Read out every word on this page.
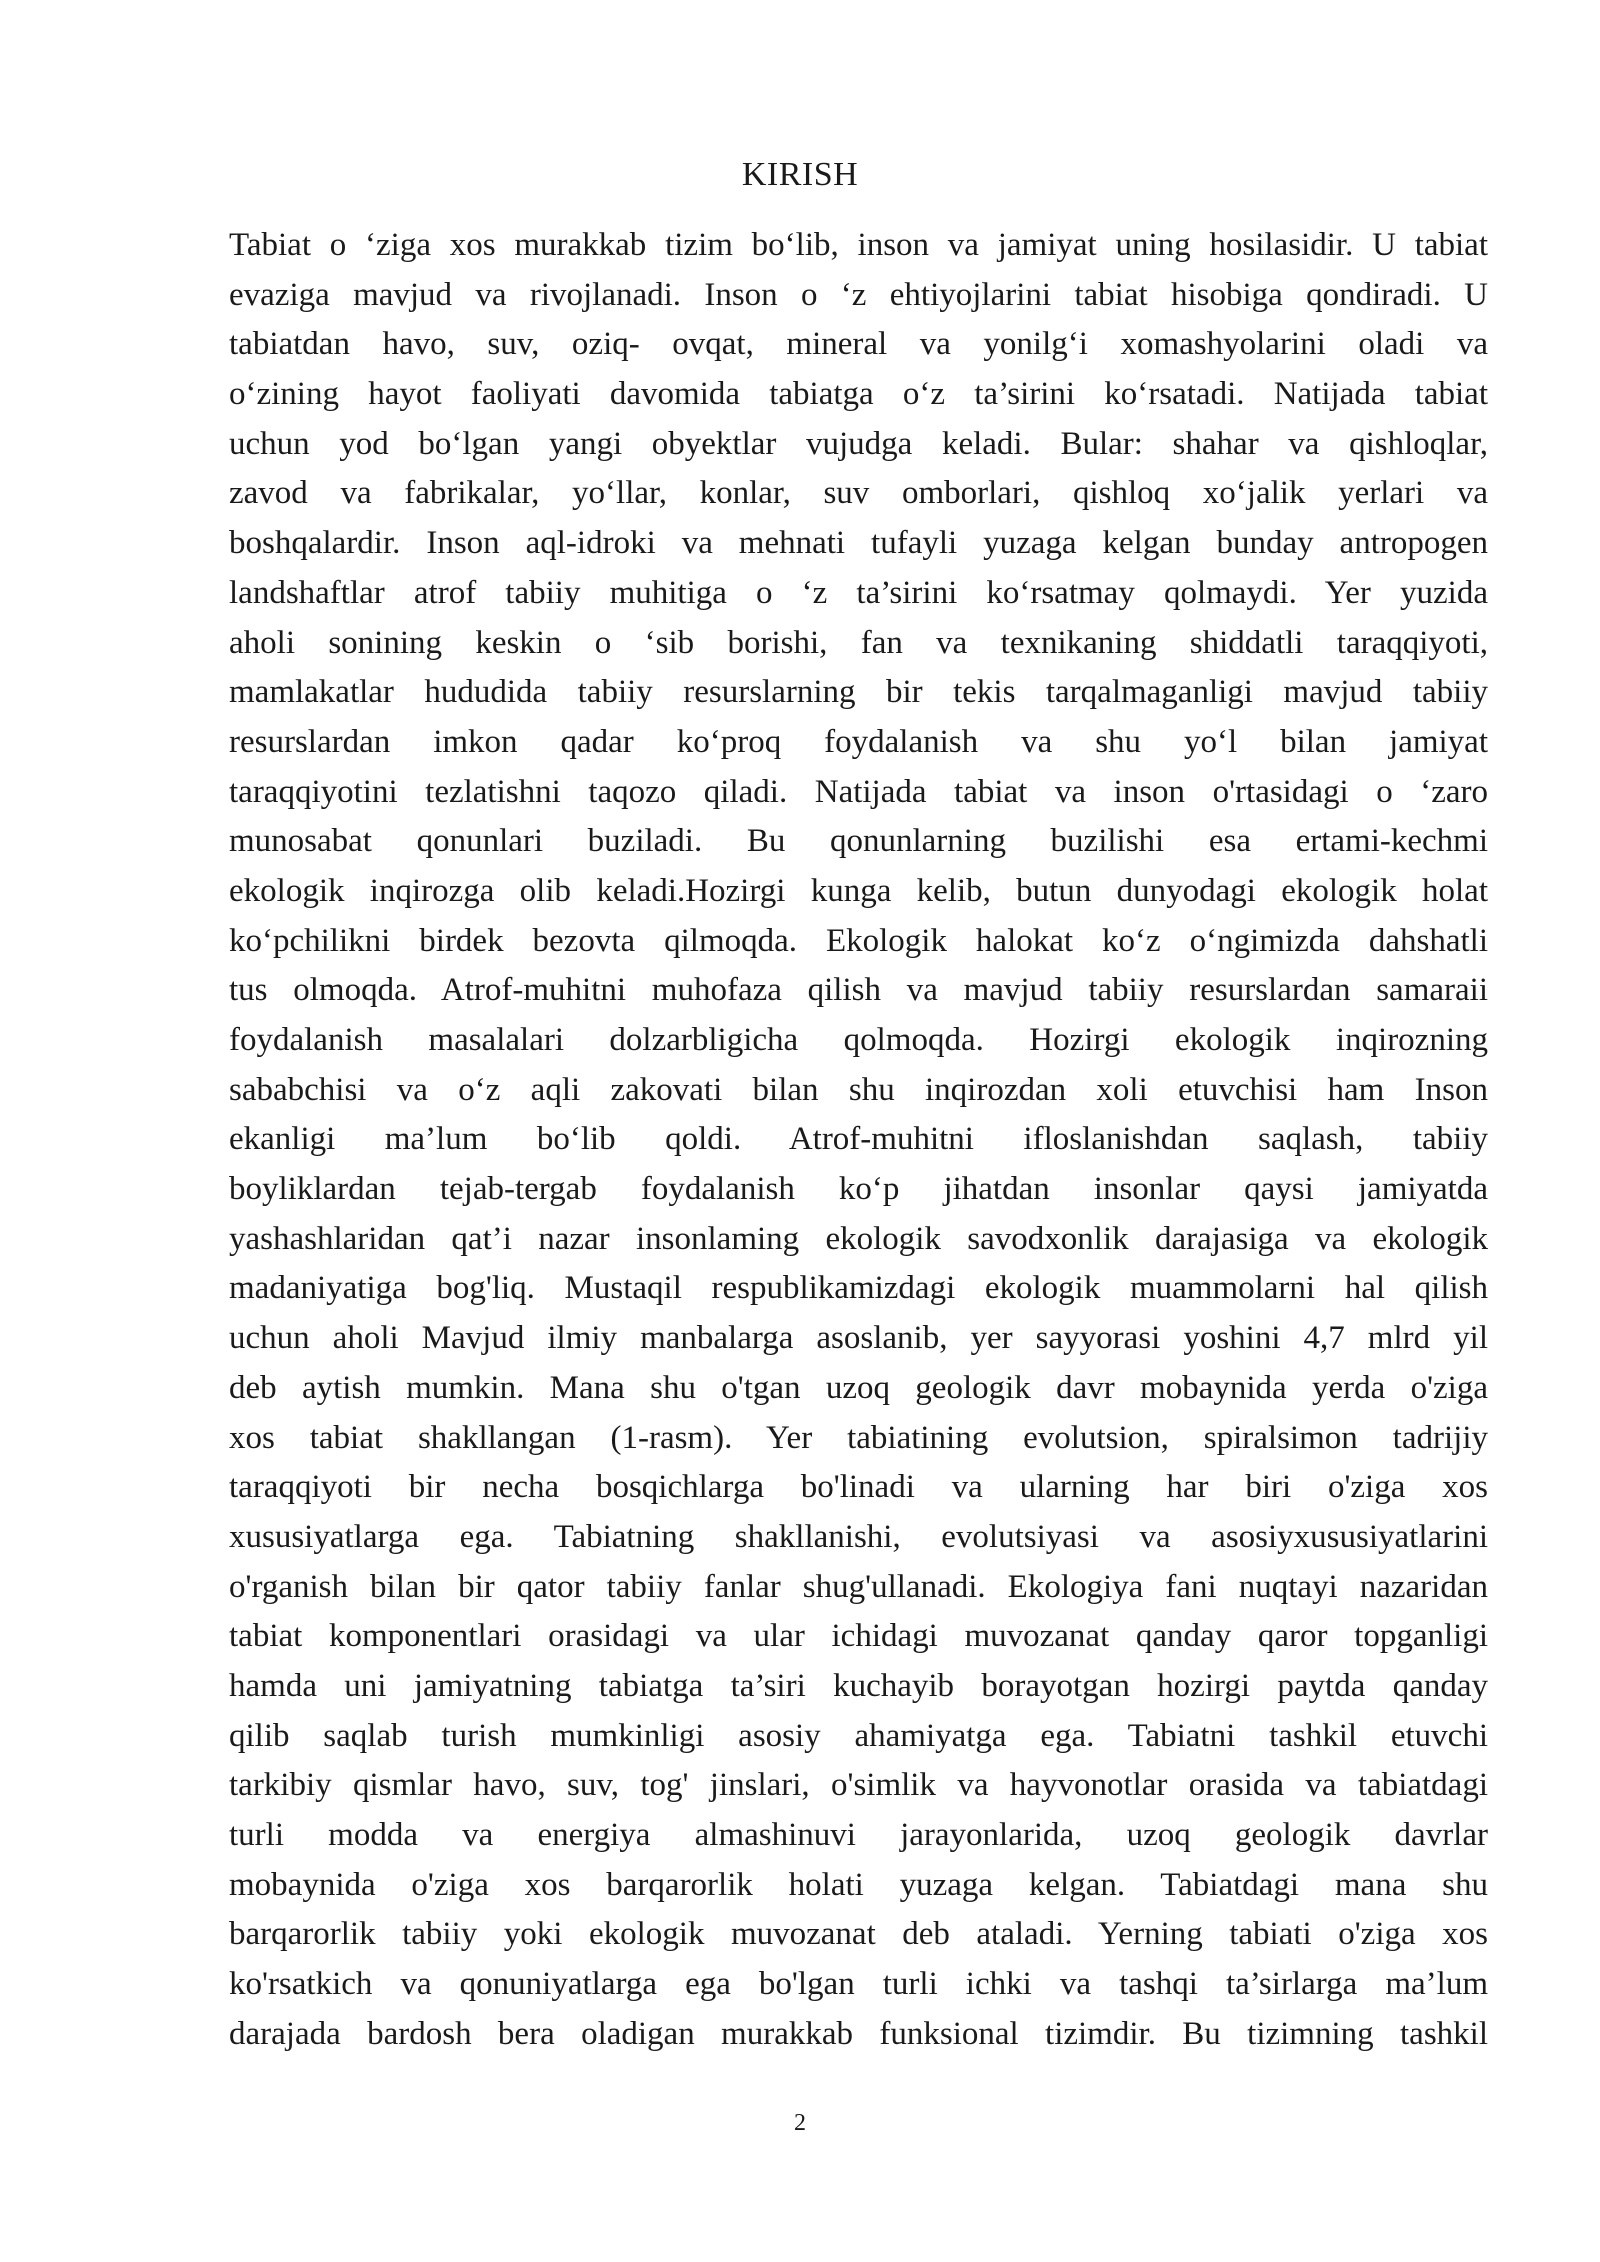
KIRISH
Tabiat o ‘ziga xos murakkab tizim bo‘lib, inson va jamiyat uning hosilasidir. U tabiat
evaziga mavjud va rivojlanadi. Inson o ‘z ehtiyojlarini tabiat hisobiga qondiradi. U
tabiatdan havo, suv, oziq- ovqat, mineral va yonilg‘i xomashyolarini oladi va
o‘zining hayot faoliyati davomida tabiatga o‘z ta’sirini ko‘rsatadi. Natijada tabiat
uchun yod bo‘lgan yangi obyektlar vujudga keladi. Bular: shahar va qishloqlar,
zavod va fabrikalar, yo‘llar, konlar, suv omborlari, qishloq xo‘jalik yerlari va
boshqalardir. Inson aql-idroki va mehnati tufayli yuzaga kelgan bunday antropogen
landshaftlar atrof tabiiy muhitiga o ‘z ta’sirini ko‘rsatmay qolmaydi. Yer yuzida
aholi sonining keskin o ‘sib borishi, fan va texnikaning shiddatli taraqqiyoti,
mamlakatlar hududida tabiiy resurslarning bir tekis tarqalmaganligi mavjud tabiiy
resurslardan imkon qadar ko‘proq foydalanish va shu yo‘l bilan jamiyat
taraqqiyotini tezlatishni taqozo qiladi. Natijada tabiat va inson o'rtasidagi o ‘zaro
munosabat qonunlari buziladi. Bu qonunlarning buzilishi esa ertami-kechmi
ekologik inqirozga olib keladi.Hozirgi kunga kelib, butun dunyodagi ekologik holat
ko‘pchilikni birdek bezovta qilmoqda. Ekologik halokat ko‘z o‘ngimizda dahshatli
tus olmoqda. Atrof-muhitni muhofaza qilish va mavjud tabiiy resurslardan samaraii
foydalanish masalalari dolzarbligicha qolmoqda. Hozirgi ekologik inqirozning
sababchisi va o‘z aqli zakovati bilan shu inqirozdan xoli etuvchisi ham Inson
ekanligi ma’lum bo‘lib qoldi. Atrof-muhitni ifloslanishdan saqlash, tabiiy
boyliklardan tejab-tergab foydalanish ko‘p jihatdan insonlar qaysi jamiyatda
yashashlaridan qat’i nazar insonlaming ekologik savodxonlik darajasiga va ekologik
madaniyatiga bog'liq. Mustaqil respublikamizdagi ekologik muammolarni hal qilish
uchun aholi Mavjud ilmiy manbalarga asoslanib, yer sayyorasi yoshini 4,7 mlrd yil
deb aytish mumkin. Mana shu o'tgan uzoq geologik davr mobaynida yerda o'ziga
xos tabiat shakllangan (1-rasm). Yer tabiatining evolutsion, spiralsimon tadrijiy
taraqqiyoti bir necha bosqichlarga bo'linadi va ularning har biri o'ziga xos
xususiyatlarga ega. Tabiatning shakllanishi, evolutsiyasi va asosiyxususiyatlarini
o'rganish bilan bir qator tabiiy fanlar shug'ullanadi. Ekologiya fani nuqtayi nazaridan
tabiat komponentlari orasidagi va ular ichidagi muvozanat qanday qaror topganligi
hamda uni jamiyatning tabiatga ta’siri kuchayib borayotgan hozirgi paytda qanday
qilib saqlab turish mumkinligi asosiy ahamiyatga ega. Tabiatni tashkil etuvchi
tarkibiy qismlar havo, suv, tog' jinslari, o'simlik va hayvonotlar orasida va tabiatdagi
turli modda va energiya almashinuvi jarayonlarida, uzoq geologik davrlar
mobaynida o'ziga xos barqarorlik holati yuzaga kelgan. Tabiatdagi mana shu
barqarorlik tabiiy yoki ekologik muvozanat deb ataladi. Yerning tabiati o'ziga xos
ko'rsatkich va qonuniyatlarga ega bo'lgan turli ichki va tashqi ta’sirlarga ma’lum
darajada bardosh bera oladigan murakkab funksional tizimdir. Bu tizimning tashkil
2
